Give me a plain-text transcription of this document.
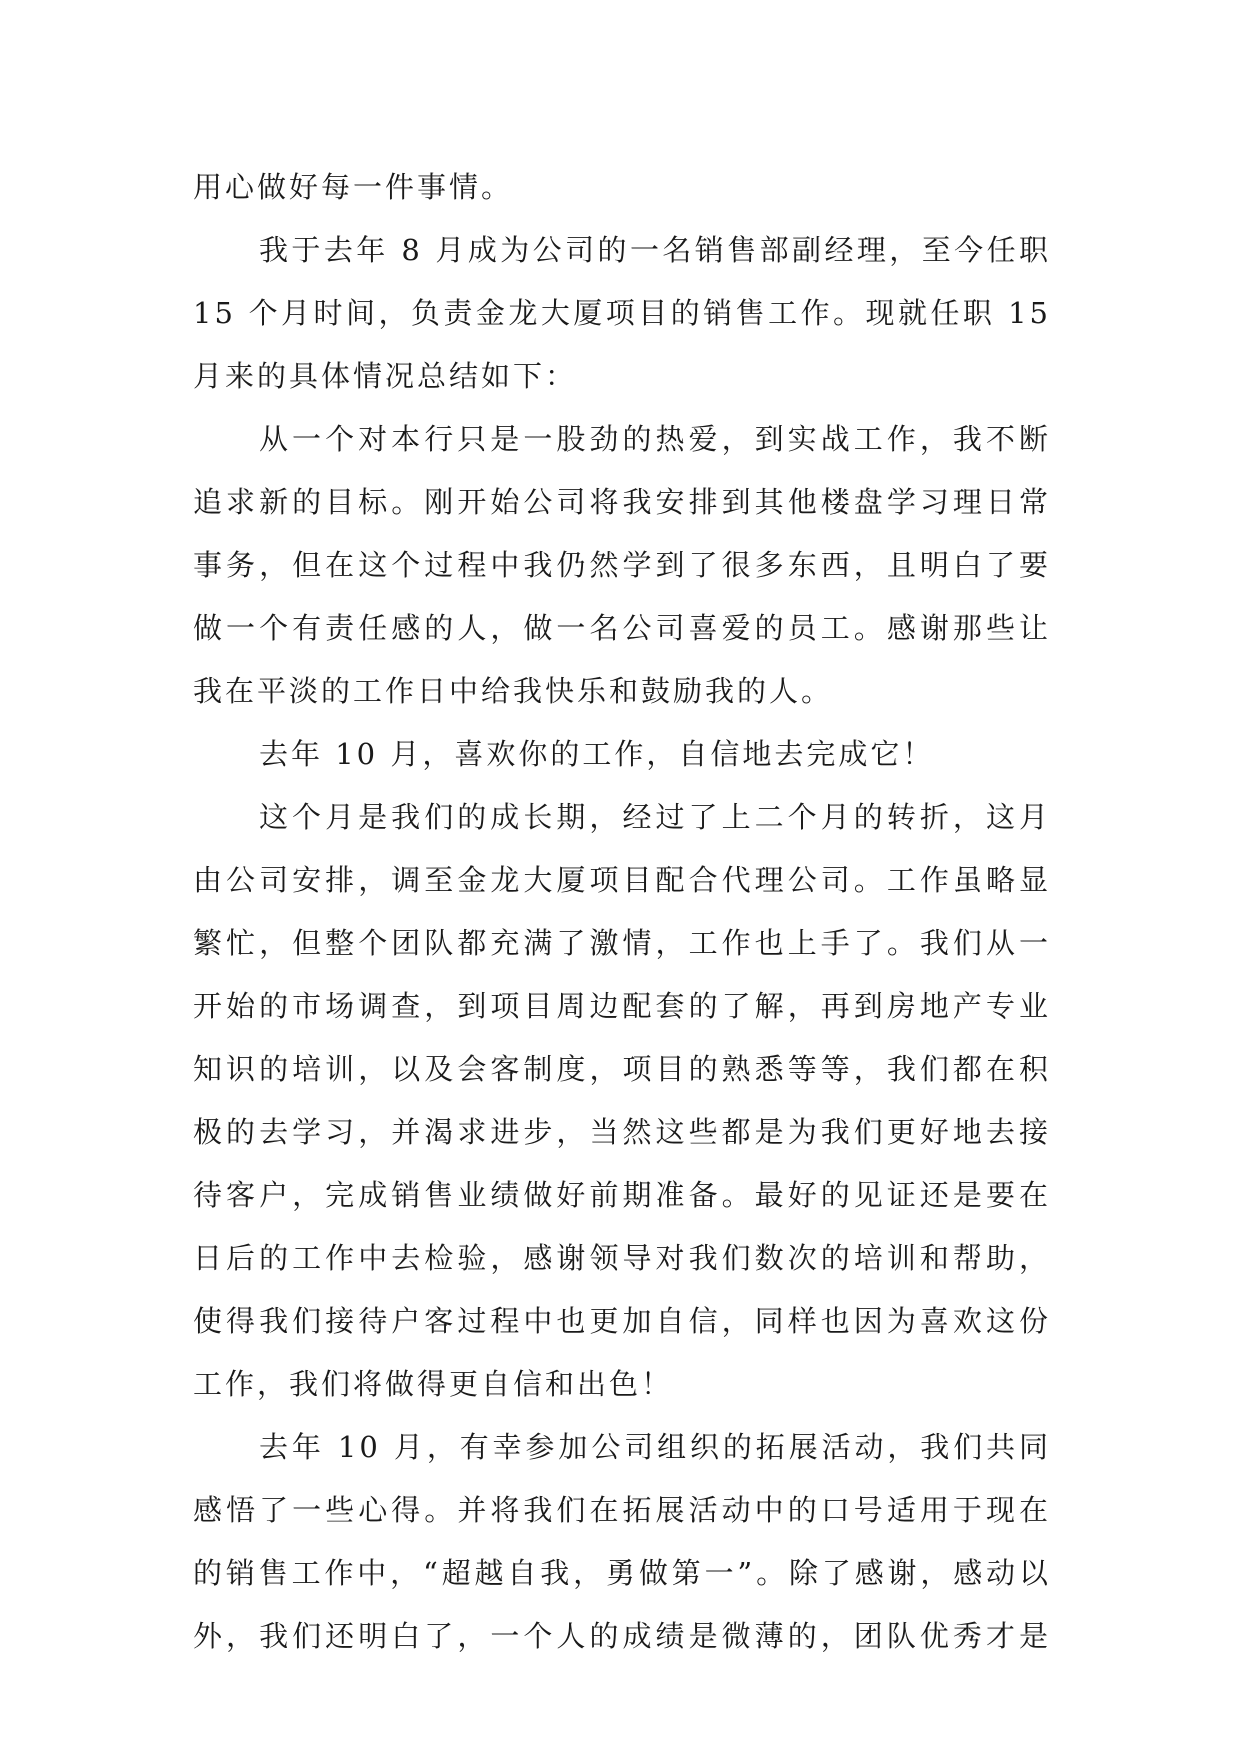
用心做好每一件事情。
我于去年 8 月成为公司的一名销售部副经理，至今任职
15 个月时间，负责金龙大厦项目的销售工作。现就任职 15
月来的具体情况总结如下：
从一个对本行只是一股劲的热爱，到实战工作，我不断
追求新的目标。刚开始公司将我安排到其他楼盘学习理日常
事务，但在这个过程中我仍然学到了很多东西，且明白了要
做一个有责任感的人，做一名公司喜爱的员工。感谢那些让
我在平淡的工作日中给我快乐和鼓励我的人。
去年 10 月，喜欢你的工作，自信地去完成它！
这个月是我们的成长期，经过了上二个月的转折，这月
由公司安排，调至金龙大厦项目配合代理公司。工作虽略显
繁忙，但整个团队都充满了激情，工作也上手了。我们从一
开始的市场调查，到项目周边配套的了解，再到房地产专业
知识的培训，以及会客制度，项目的熟悉等等，我们都在积
极的去学习，并渴求进步，当然这些都是为我们更好地去接
待客户，完成销售业绩做好前期准备。最好的见证还是要在
日后的工作中去检验，感谢领导对我们数次的培训和帮助，
使得我们接待户客过程中也更加自信，同样也因为喜欢这份
工作，我们将做得更自信和出色！
去年 10 月，有幸参加公司组织的拓展活动，我们共同
感悟了一些心得。并将我们在拓展活动中的口号适用于现在
的销售工作中，“超越自我，勇做第一”。除了感谢，感动以
外，我们还明白了，一个人的成绩是微薄的，团队优秀才是
